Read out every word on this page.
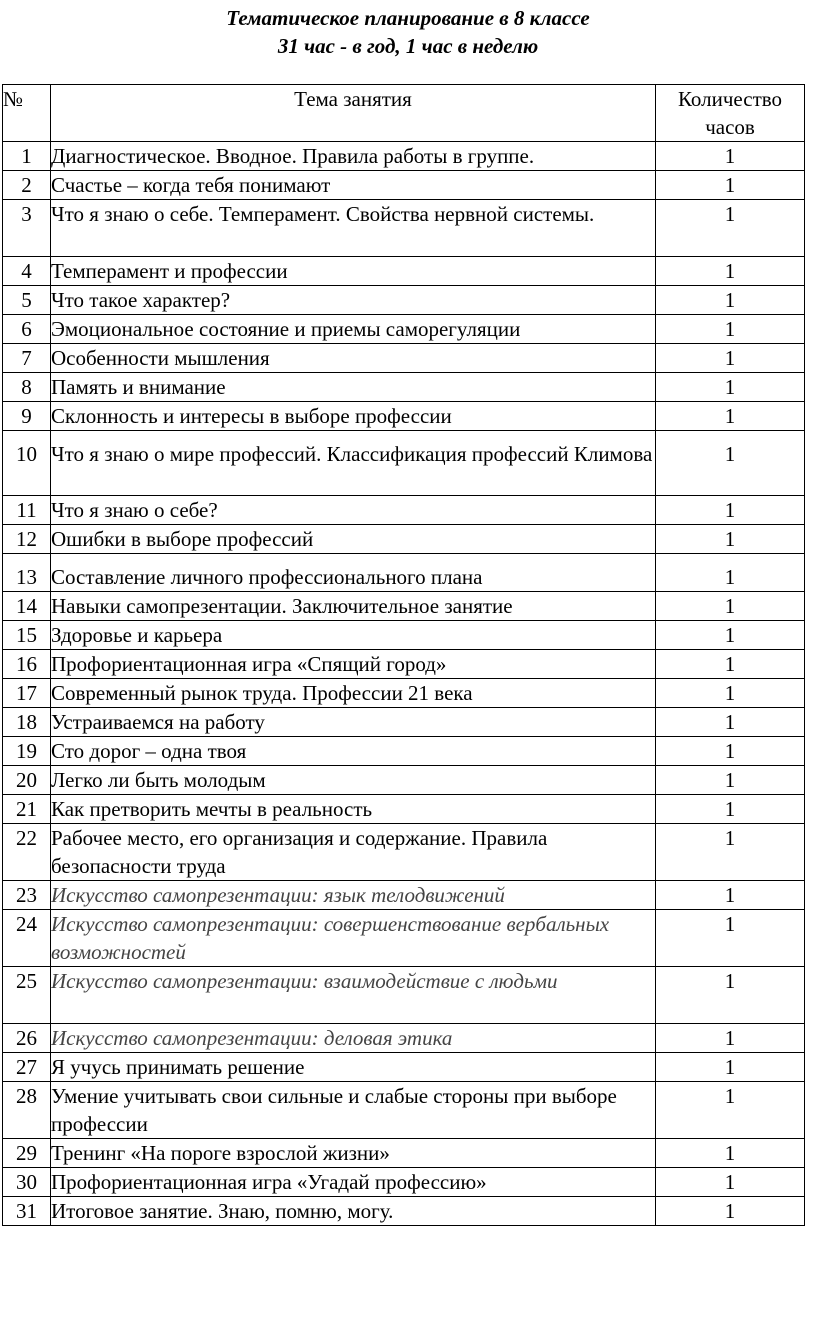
Тематическое планирование в 8 классе
31 час - в год, 1 час в неделю
№	Тема занятия	Количество
часов

1	Диагностическое. Вводное. Правила работы в группе.	1
2	Счастье – когда тебя понимают	1
3	Что я знаю о себе. Темперамент. Свойства нервной системы.	1
4	Темперамент и профессии	1
5	Что такое характер?	1
6	Эмоциональное состояние и приемы саморегуляции	1
7	Особенности мышления	1
8	Память и внимание	1
9	Склонность и интересы в выборе профессии	1
10	Что я знаю о мире профессий. Классификация профессий Климова	1
11	Что я знаю о себе?	1
12	Ошибки в выборе профессий	1
13	Составление личного профессионального плана	1
14	Навыки самопрезентации. Заключительное занятие	1
15	Здоровье и карьера	1
16	Профориентационная игра «Спящий город»	1
17	Современный рынок труда. Профессии 21 века	1
18	Устраиваемся на работу	1
19	Сто дорог – одна твоя	1
20	Легко ли быть молодым	1
21	Как претворить мечты в реальность	1
22	Рабочее место, его организация и содержание. Правила безопасности труда	1
23	Искусство самопрезентации: язык телодвижений	1
24	Искусство самопрезентации: совершенствование вербальных возможностей	1
25	Искусство самопрезентации: взаимодействие с людьми	1
26	Искусство самопрезентации: деловая этика	1
27	Я учусь принимать решение	1
28	Умение учитывать свои сильные и слабые стороны при выборе профессии	1
29	Тренинг «На пороге взрослой жизни»	1
30	Профориентационная игра «Угадай профессию»	1
31	Итоговое занятие. Знаю, помню, могу.	1
